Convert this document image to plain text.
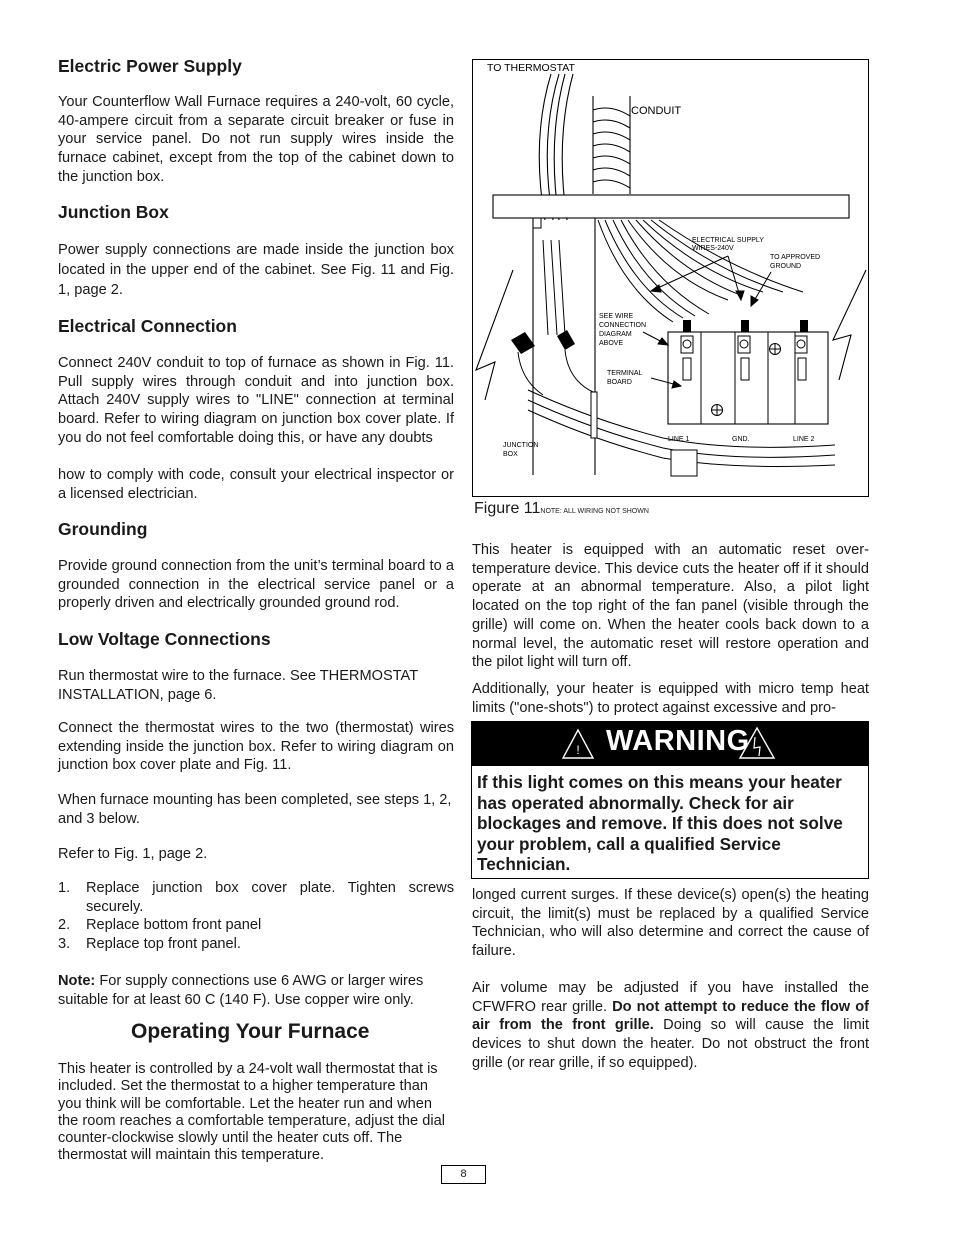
Electric Power Supply

Your Counterflow Wall Furnace requires a 240-volt, 60 cycle, 40-ampere circuit from a separate circuit breaker or fuse in your service panel. Do not run supply wires inside the furnace cabinet, except from the top of the cabinet down to the junction box.

Junction Box

Power supply connections are made inside the junction box located in the upper end of the cabinet. See Fig. 11 and Fig. 1, page 2.

Electrical Connection

Connect 240V conduit to top of furnace as shown in Fig. 11. Pull supply wires through conduit and into junction box. Attach 240V supply wires to "LINE" connection at terminal board. Refer to wiring diagram on junction box cover plate. If you do not feel comfortable doing this, or have any doubts

how to comply with code, consult your electrical inspector or a licensed electrician.

Grounding

Provide ground connection from the unit’s terminal board to a grounded connection in the electrical service panel or a properly driven and electrically grounded ground rod.

Low Voltage Connections

Run thermostat wire to the furnace. See THERMOSTAT INSTALLATION, page 6.

Connect the thermostat wires to the two (thermostat) wires extending inside the junction box. Refer to wiring diagram on junction box cover plate and Fig. 11.

When furnace mounting has been completed, see steps 1, 2, and 3 below.

Refer to Fig. 1, page 2.

1. Replace junction box cover plate. Tighten screws securely.
2. Replace bottom front panel
3. Replace top front panel.

Note: For supply connections use 6 AWG or larger wires suitable for at least 60 C (140 F). Use copper wire only.

Operating Your Furnace

This heater is controlled by a 24-volt wall thermostat that is included. Set the thermostat to a higher temperature than you think will be comfortable. Let the heater run and when the room reaches a comfortable temperature, adjust the dial counter-clockwise slowly until the heater cuts off. The thermostat will maintain this temperature.

TO THERMOSTAT
CONDUIT
ELECTRICAL SUPPLY
WIRES-240V
TO APPROVED
GROUND
SEE WIRE
CONNECTION
DIAGRAM
ABOVE
TERMINAL
BOARD
JUNCTION
BOX
LINE 1	GND.	LINE 2
Figure 11NOTE: ALL WIRING NOT SHOWN

This heater is equipped with an automatic reset over-temperature device. This device cuts the heater off if it should operate at an abnormal temperature. Also, a pilot light located on the top right of the fan panel (visible through the grille) will come on. When the heater cools back down to a normal level, the automatic reset will restore operation and the pilot light will turn off.

Additionally, your heater is equipped with micro temp heat limits ("one-shots") to protect against excessive and pro-

! WARNING
If this light comes on this means your heater has operated abnormally. Check for air blockages and remove. If this does not solve your problem, call a qualified Service Technician.

longed current surges. If these device(s) open(s) the heating circuit, the limit(s) must be replaced by a qualified Service Technician, who will also determine and correct the cause of failure.

Air volume may be adjusted if you have installed the CFWFRO rear grille. Do not attempt to reduce the flow of air from the front grille. Doing so will cause the limit devices to shut down the heater. Do not obstruct the front grille (or rear grille, if so equipped).

8
